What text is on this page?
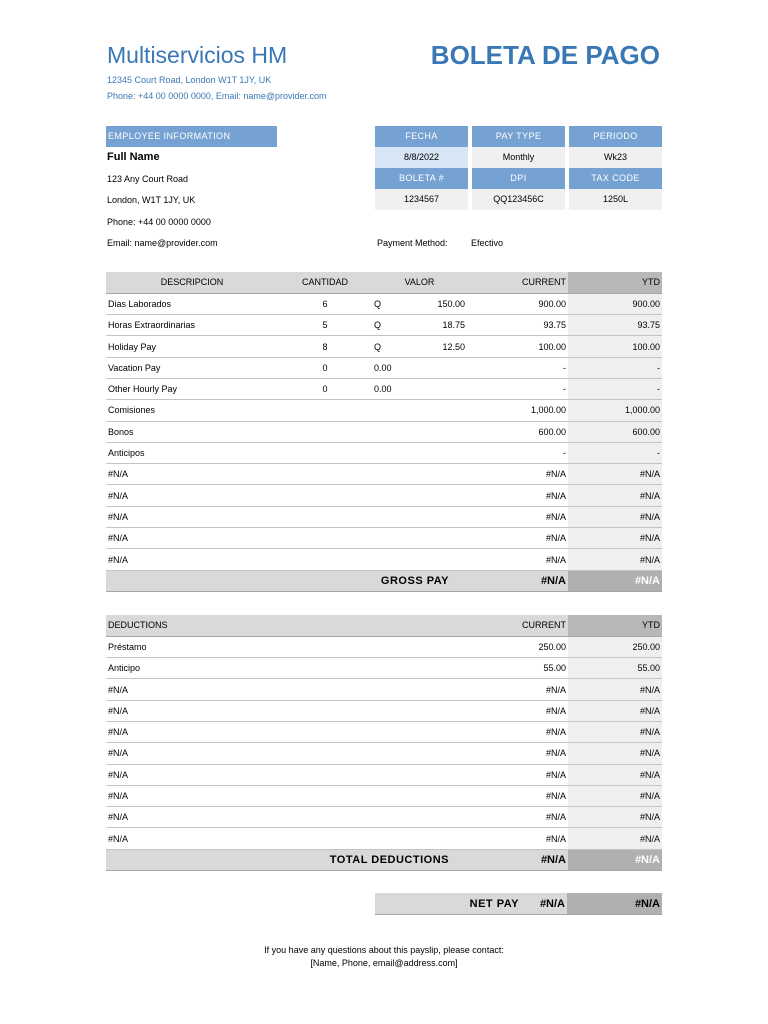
Multiservicios HM
12345 Court Road, London W1T 1JY, UK
Phone: +44 00 0000 0000, Email: name@provider.com
BOLETA DE PAGO
EMPLOYEE INFORMATION
Full Name
123 Any Court Road
London, W1T 1JY, UK
Phone: +44 00 0000 0000
Email: name@provider.com
FECHA	PAY TYPE	PERIODO
8/8/2022	Monthly	Wk23
BOLETA #	DPI	TAX CODE
1234567	QQ123456C	1250L
Payment Method:	Efectivo
DESCRIPCION	CANTIDAD	VALOR		CURRENT	YTD
Dias Laborados	6	Q	150.00	900.00	900.00
Horas Extraordinarias	5	Q	18.75	93.75	93.75
Holiday Pay	8	Q	12.50	100.00	100.00
Vacation Pay	0	0.00		-	-
Other Hourly Pay	0	0.00		-	-
Comisiones				1,000.00	1,000.00
Bonos				600.00	600.00
Anticipos				-	-
#N/A				#N/A	#N/A
#N/A				#N/A	#N/A
#N/A				#N/A	#N/A
#N/A				#N/A	#N/A
#N/A				#N/A	#N/A
GROSS PAY				#N/A	#N/A
DEDUCTIONS	CURRENT	YTD
Préstamo	250.00	250.00
Anticipo	55.00	55.00
#N/A	#N/A	#N/A
#N/A	#N/A	#N/A
#N/A	#N/A	#N/A
#N/A	#N/A	#N/A
#N/A	#N/A	#N/A
#N/A	#N/A	#N/A
#N/A	#N/A	#N/A
#N/A	#N/A	#N/A
TOTAL DEDUCTIONS	#N/A	#N/A
NET PAY	#N/A	#N/A
If you have any questions about this payslip, please contact:
[Name, Phone, email@address.com]
